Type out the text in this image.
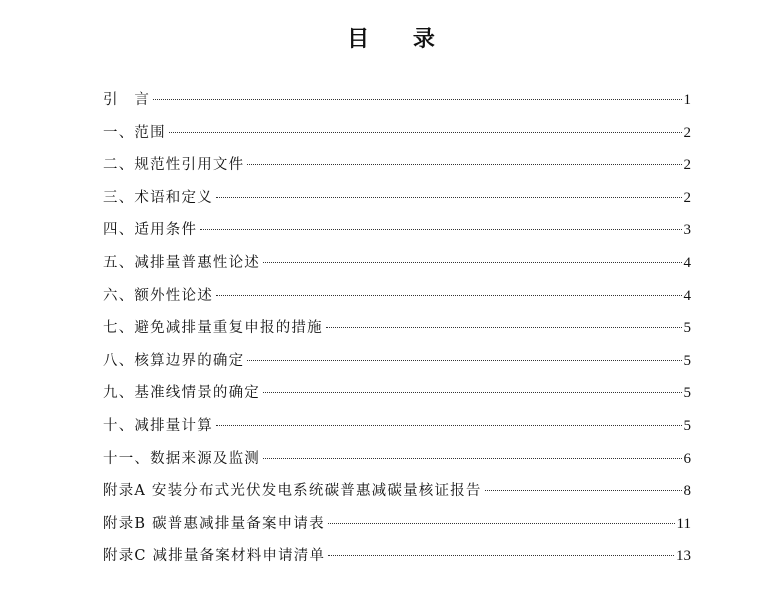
目 录
引　言	1
一、范围	2
二、规范性引用文件	2
三、术语和定义	2
四、适用条件	3
五、减排量普惠性论述	4
六、额外性论述	4
七、避免减排量重复申报的措施	5
八、核算边界的确定	5
九、基准线情景的确定	5
十、减排量计算	5
十一、数据来源及监测	6
附录A 安装分布式光伏发电系统碳普惠减碳量核证报告	8
附录B 碳普惠减排量备案申请表	11
附录C 减排量备案材料申请清单	13
